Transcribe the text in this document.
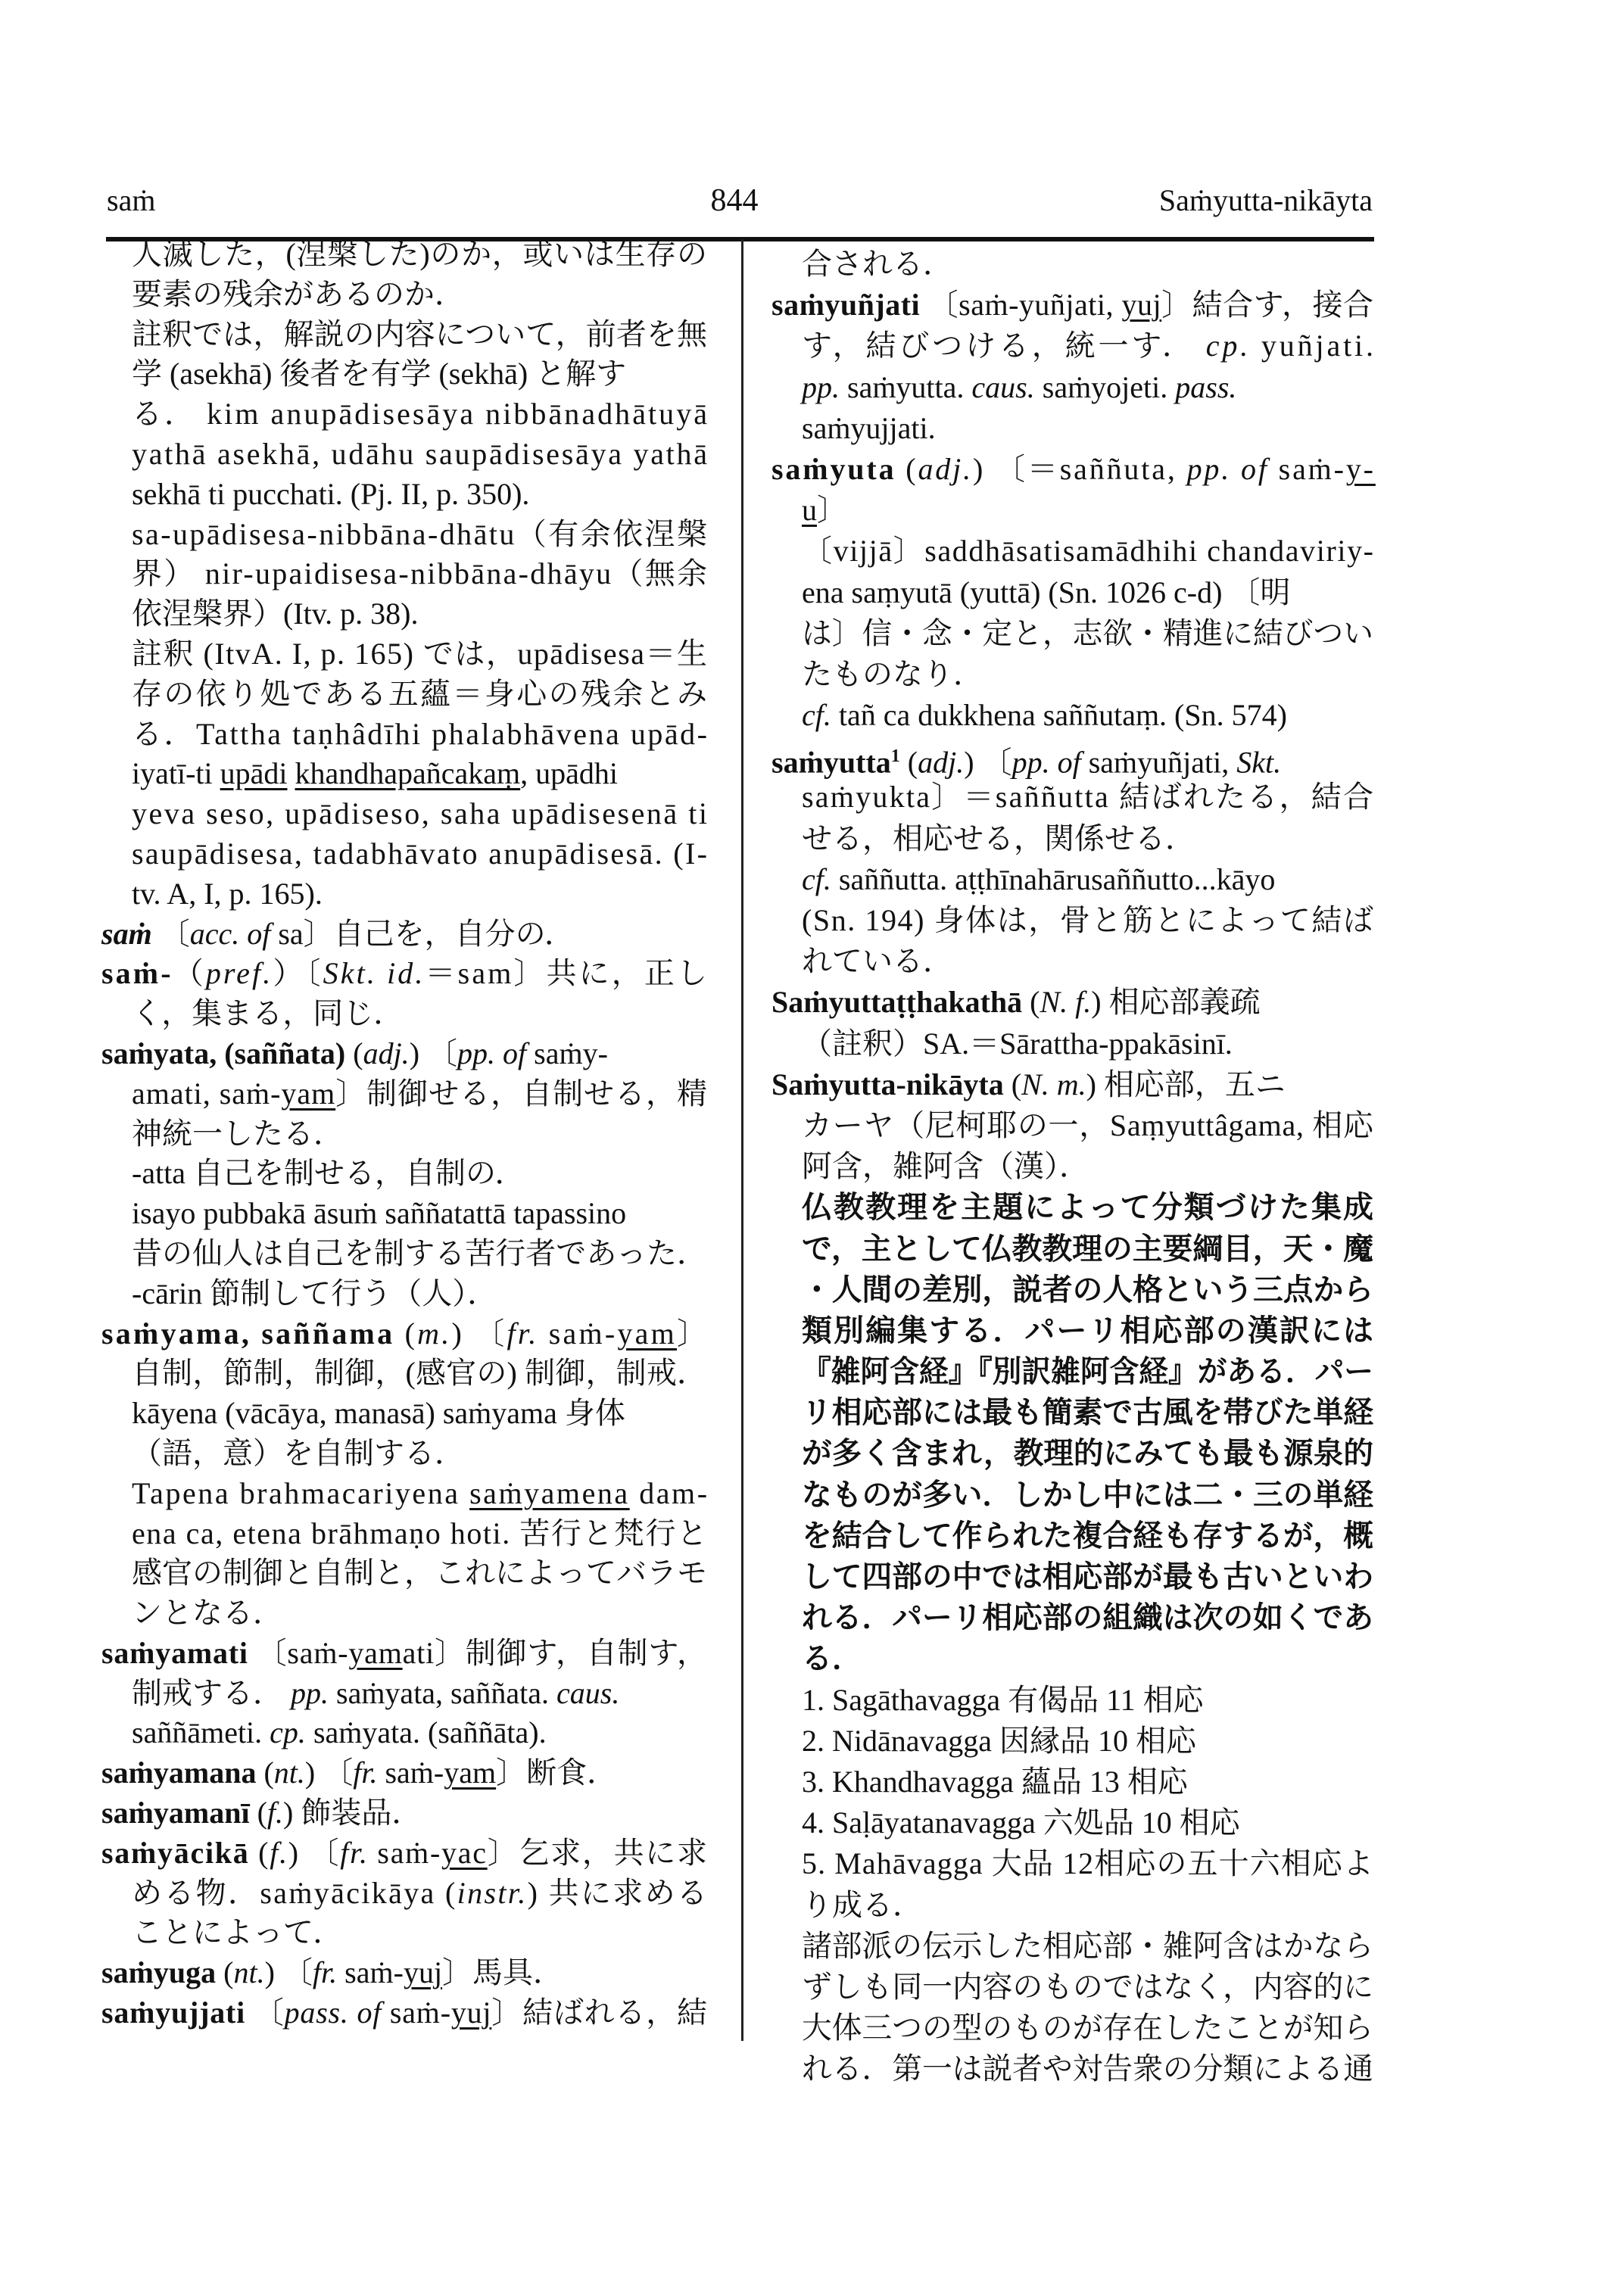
saṁ	844	Saṁyutta-nikāyta
人滅した，(涅槃した)のか，或いは生存の
要素の残余があるのか．
註釈では，解説の内容について，前者を無
学 (asekhā) 後者を有学 (sekhā) と解す
る． kim anupādisesāya nibbānadhātuyā
yathā asekhā, udāhu saupādisesāya yathā
sekhā ti pucchati. (Pj. II, p. 350).
sa-upādisesa-nibbāna-dhātu（有余依涅槃
界） nir-upaidisesa-nibbāna-dhāyu（無余
依涅槃界）(Itv. p. 38).
註釈 (ItvA. I, p. 165) では，upādisesa＝生
存の依り処である五蘊＝身心の残余とみ
る．Tattha taṇhâdīhi phalabhāvena upād-
iyatī-ti upādi khandhapañcakaṃ, upādhi
yeva seso, upādiseso, saha upādisesenā ti
saupādisesa, tadabhāvato anupādisesā. (I-
tv. A, I, p. 165).
saṁ 〔acc. of sa〕自己を，自分の．
saṁ-（pref.）〔Skt. id.＝sam〕共に，正し
く，集まる，同じ．
saṁyata, (saññata) (adj.) 〔pp. of saṁy-
amati, saṁ-yam〕制御せる，自制せる，精
神統一したる．
-atta 自己を制せる，自制の．
isayo pubbakā āsuṁ saññatattā tapassino
昔の仙人は自己を制する苦行者であった．
-cārin 節制して行う（人）．
saṁyama, saññama (m.) 〔fr. saṁ-yam〕
自制，節制，制御，(感官の) 制御，制戒．
kāyena (vācāya, manasā) saṁyama 身体
（語，意）を自制する．
Tapena brahmacariyena saṁyamena dam-
ena ca, etena brāhmaṇo hoti. 苦行と梵行と
感官の制御と自制と，これによってバラモ
ンとなる．
saṁyamati 〔saṁ-yamati〕制御す，自制す，
制戒する． pp. saṁyata, saññata. caus.
saññāmeti. cp. saṁyata. (saññāta).
saṁyamana (nt.) 〔fr. saṁ-yam〕断食．
saṁyamanī (f.) 飾装品．
saṁyācikā (f.) 〔fr. saṁ-yac〕乞求，共に求
める物．saṁyācikāya (instr.) 共に求める
ことによって．
saṁyuga (nt.) 〔fr. saṁ-yuj〕馬具．
saṁyujjati 〔pass. of saṁ-yuj〕結ばれる，結
合される．
saṁyuñjati 〔saṁ-yuñjati, yuj〕結合す，接合
す，結びつける，統一す． cp. yuñjati.
pp. saṁyutta. caus. saṁyojeti. pass.
saṁyujjati.
saṁyuta (adj.) 〔＝saññuta, pp. of saṁ-y-
u〕
〔vijjā〕saddhāsatisamādhihi chandaviriy-
ena saṃyutā (yuttā) (Sn. 1026 c-d) 〔明
は〕信・念・定と，志欲・精進に結びつい
たものなり．
cf. tañ ca dukkhena saññutaṃ. (Sn. 574)
saṁyutta$^1$ (adj.) 〔pp. of saṁyuñjati, Skt.
saṁyukta〕＝saññutta 結ばれたる，結合
せる，相応せる，関係せる．
cf. saññutta. aṭṭhīnahārusaññutto...kāyo
(Sn. 194) 身体は，骨と筋とによって結ば
れている．
Saṁyuttaṭṭhakathā (N. f.) 相応部義疏
（註釈）SA.＝Sārattha-ppakāsinī.
Saṁyutta-nikāyta (N. m.) 相応部，五ニ
カーヤ（尼柯耶の一，Saṃyuttâgama, 相応
阿含，雑阿含（漢）．
仏教教理を主題によって分類づけた集成
で，主として仏教教理の主要綱目，天・魔
・人間の差別，説者の人格という三点から
類別編集する．パーリ相応部の漢訳には
『雑阿含経』『別訳雑阿含経』がある．パー
リ相応部には最も簡素で古風を帯びた単経
が多く含まれ，教理的にみても最も源泉的
なものが多い．しかし中には二・三の単経
を結合して作られた複合経も存するが，概
して四部の中では相応部が最も古いといわ
れる．パーリ相応部の組織は次の如くであ
る．
1. Sagāthavagga 有偈品 11 相応
2. Nidānavagga 因縁品 10 相応
3. Khandhavagga 蘊品 13 相応
4. Saḷāyatanavagga 六処品 10 相応
5. Mahāvagga 大品 12相応の五十六相応よ
り成る．
諸部派の伝示した相応部・雑阿含はかなら
ずしも同一内容のものではなく，内容的に
大体三つの型のものが存在したことが知ら
れる．第一は説者や対告衆の分類による通
